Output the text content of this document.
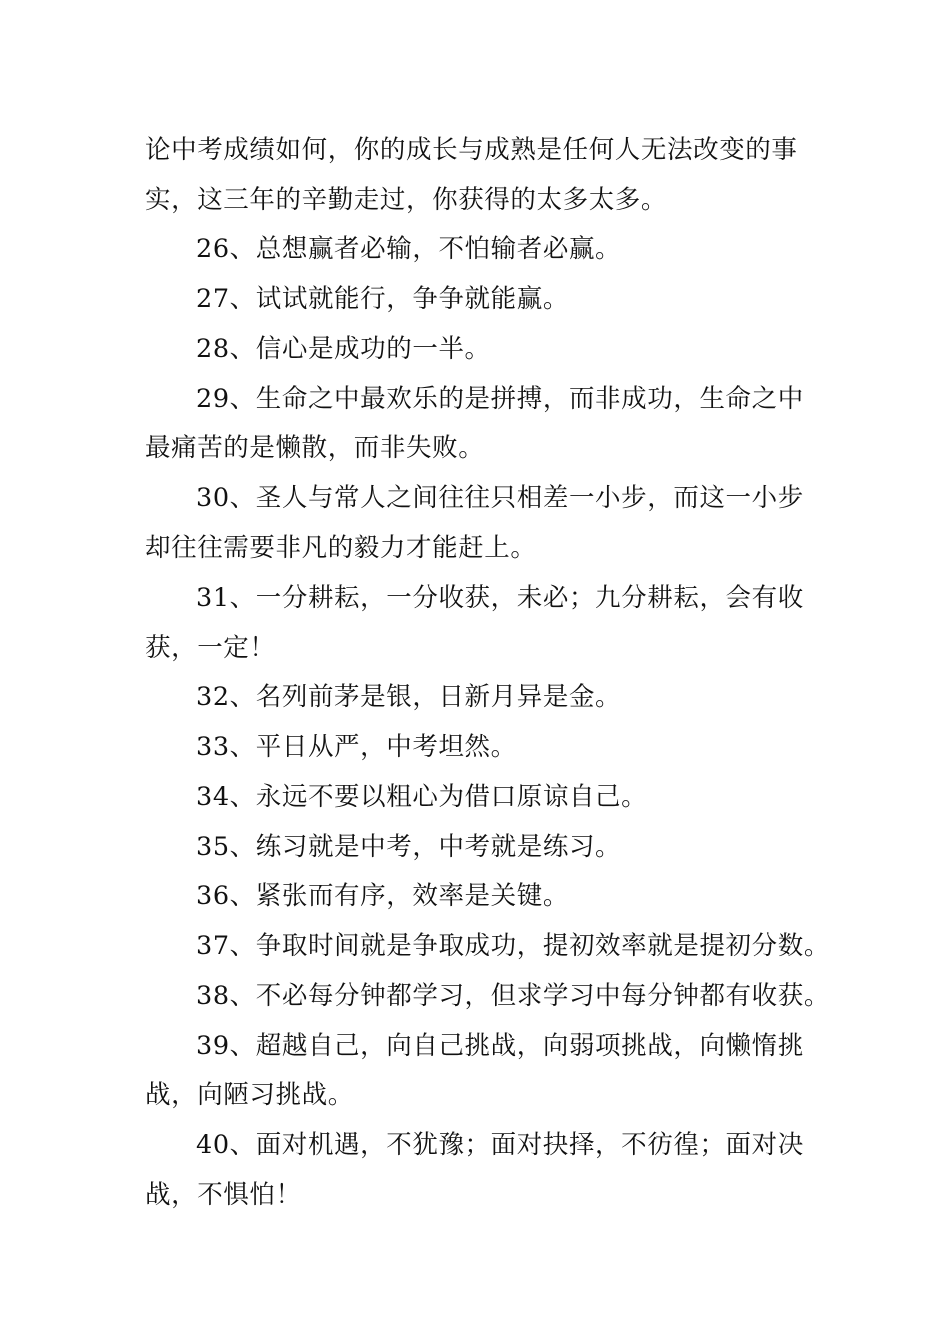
论中考成绩如何，你的成长与成熟是任何人无法改变的事
实，这三年的辛勤走过，你获得的太多太多。
26、总想赢者必输，不怕输者必赢。
27、试试就能行，争争就能赢。
28、信心是成功的一半。
29、生命之中最欢乐的是拼搏，而非成功，生命之中
最痛苦的是懒散，而非失败。
30、圣人与常人之间往往只相差一小步，而这一小步
却往往需要非凡的毅力才能赶上。
31、一分耕耘，一分收获，未必；九分耕耘，会有收
获，一定！
32、名列前茅是银，日新月异是金。
33、平日从严，中考坦然。
34、永远不要以粗心为借口原谅自己。
35、练习就是中考，中考就是练习。
36、紧张而有序，效率是关键。
37、争取时间就是争取成功，提初效率就是提初分数。
38、不必每分钟都学习，但求学习中每分钟都有收获。
39、超越自己，向自己挑战，向弱项挑战，向懒惰挑
战，向陋习挑战。
40、面对机遇，不犹豫；面对抉择，不彷徨；面对决
战，不惧怕！
